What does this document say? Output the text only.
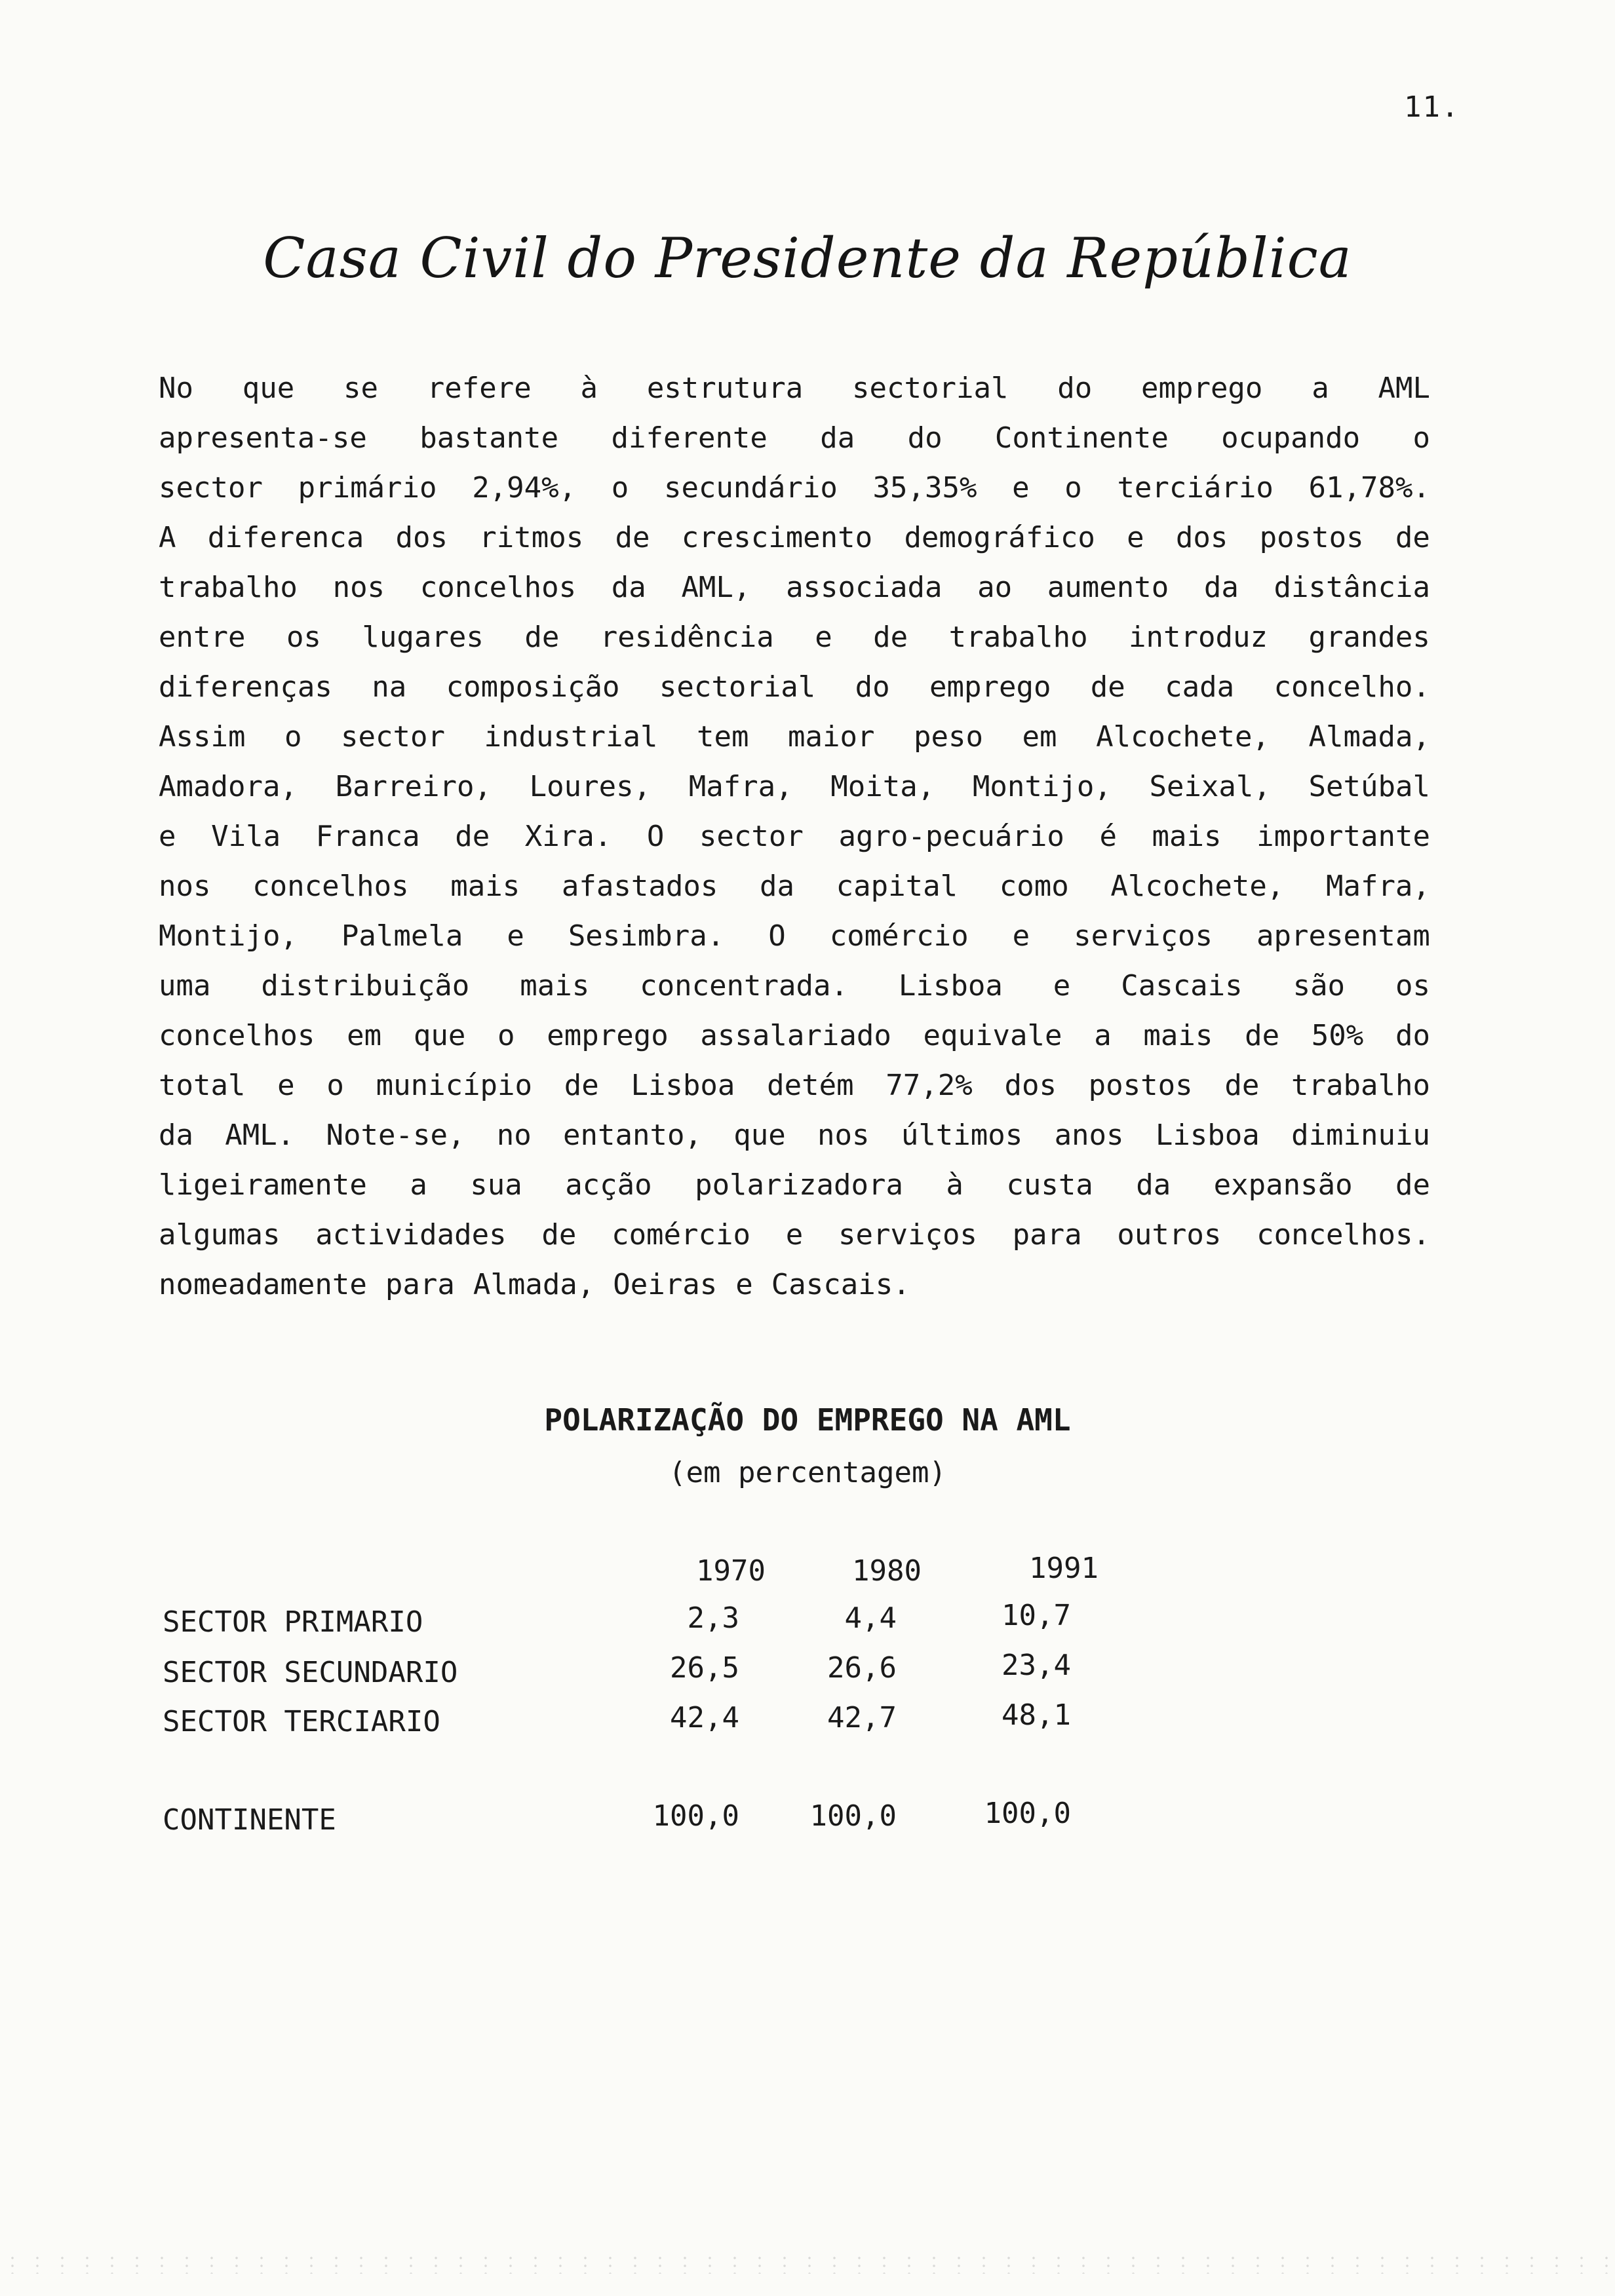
11.
Casa Civil do Presidente da República
No que se refere à estrutura sectorial do emprego a AML
apresenta-se bastante diferente da do Continente ocupando o
sector primário 2,94%, o secundário 35,35% e o terciário 61,78%.
A diferenca dos ritmos de crescimento demográfico e dos postos de
trabalho nos concelhos da AML, associada ao aumento da distância
entre os lugares de residência e de trabalho introduz grandes
diferenças na composição sectorial do emprego de cada concelho.
Assim o sector industrial tem maior peso em Alcochete, Almada,
Amadora, Barreiro, Loures, Mafra, Moita, Montijo, Seixal, Setúbal
e Vila Franca de Xira. O sector agro-pecuário é mais importante
nos concelhos mais afastados da capital como Alcochete, Mafra,
Montijo, Palmela e Sesimbra. O comércio e serviços apresentam
uma distribuição mais concentrada. Lisboa e Cascais são os
concelhos em que o emprego assalariado equivale a mais de 50% do
total e o município de Lisboa detém 77,2% dos postos de trabalho
da AML. Note-se, no entanto, que nos últimos anos Lisboa diminuiu
ligeiramente a sua acção polarizadora à custa da expansão de
algumas actividades de comércio e serviços para outros concelhos.
nomeadamente para Almada, Oeiras e Cascais.
POLARIZAÇÃO DO EMPREGO NA AML
(em percentagem)
1970	1980	1991
SECTOR PRIMARIO	2,3	4,4	10,7
SECTOR SECUNDARIO	26,5	26,6	23,4
SECTOR TERCIARIO	42,4	42,7	48,1
CONTINENTE	100,0	100,0	100,0
